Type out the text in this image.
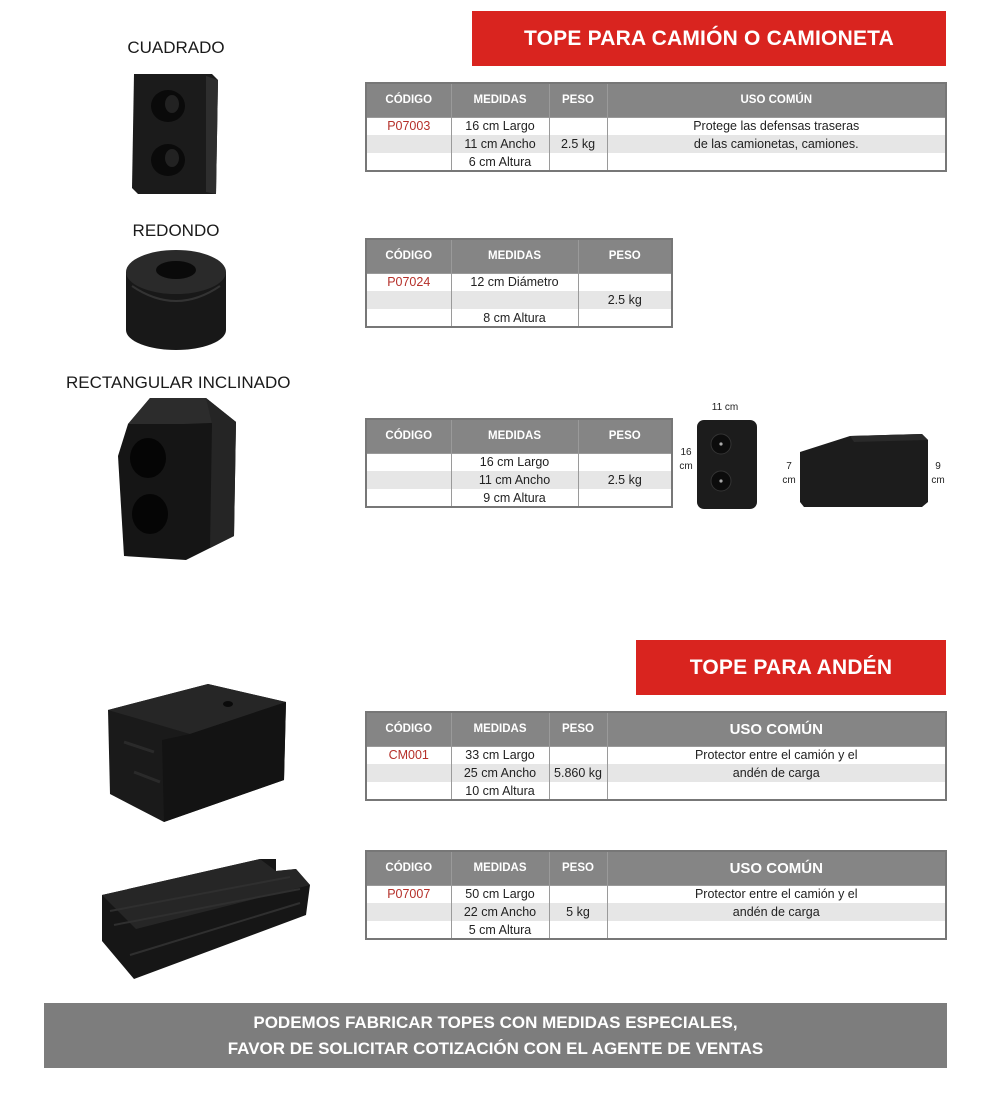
TOPE PARA CAMIÓN O CAMIONETA
TOPE PARA ANDÉN
CUADRADO
CÓDIGO	MEDIDAS	PESO	USO COMÚN
P07003	16 cm Largo		Protege las defensas traseras
	11 cm Ancho	2.5 kg	de las camionetas, camiones.
	6 cm Altura		
REDONDO
CÓDIGO	MEDIDAS	PESO
P07024	12 cm Diámetro	
		2.5 kg
	8 cm Altura	
RECTANGULAR INCLINADO
CÓDIGO	MEDIDAS	PESO
	16 cm Largo	
	11 cm Ancho	2.5 kg
	9 cm Altura	
11 cm
16
cm	7
cm
9
cm
CÓDIGO	MEDIDAS	PESO	USO COMÚN
CM001	33 cm Largo		Protector entre el camión y el
	25 cm Ancho	5.860 kg	andén de carga
	10 cm Altura		
CÓDIGO	MEDIDAS	PESO	USO COMÚN
P07007	50 cm Largo		Protector entre el camión y el
	22 cm Ancho	5 kg	andén de carga
	5 cm Altura		
PODEMOS FABRICAR TOPES CON MEDIDAS ESPECIALES,
FAVOR DE SOLICITAR COTIZACIÓN CON EL AGENTE DE VENTAS
